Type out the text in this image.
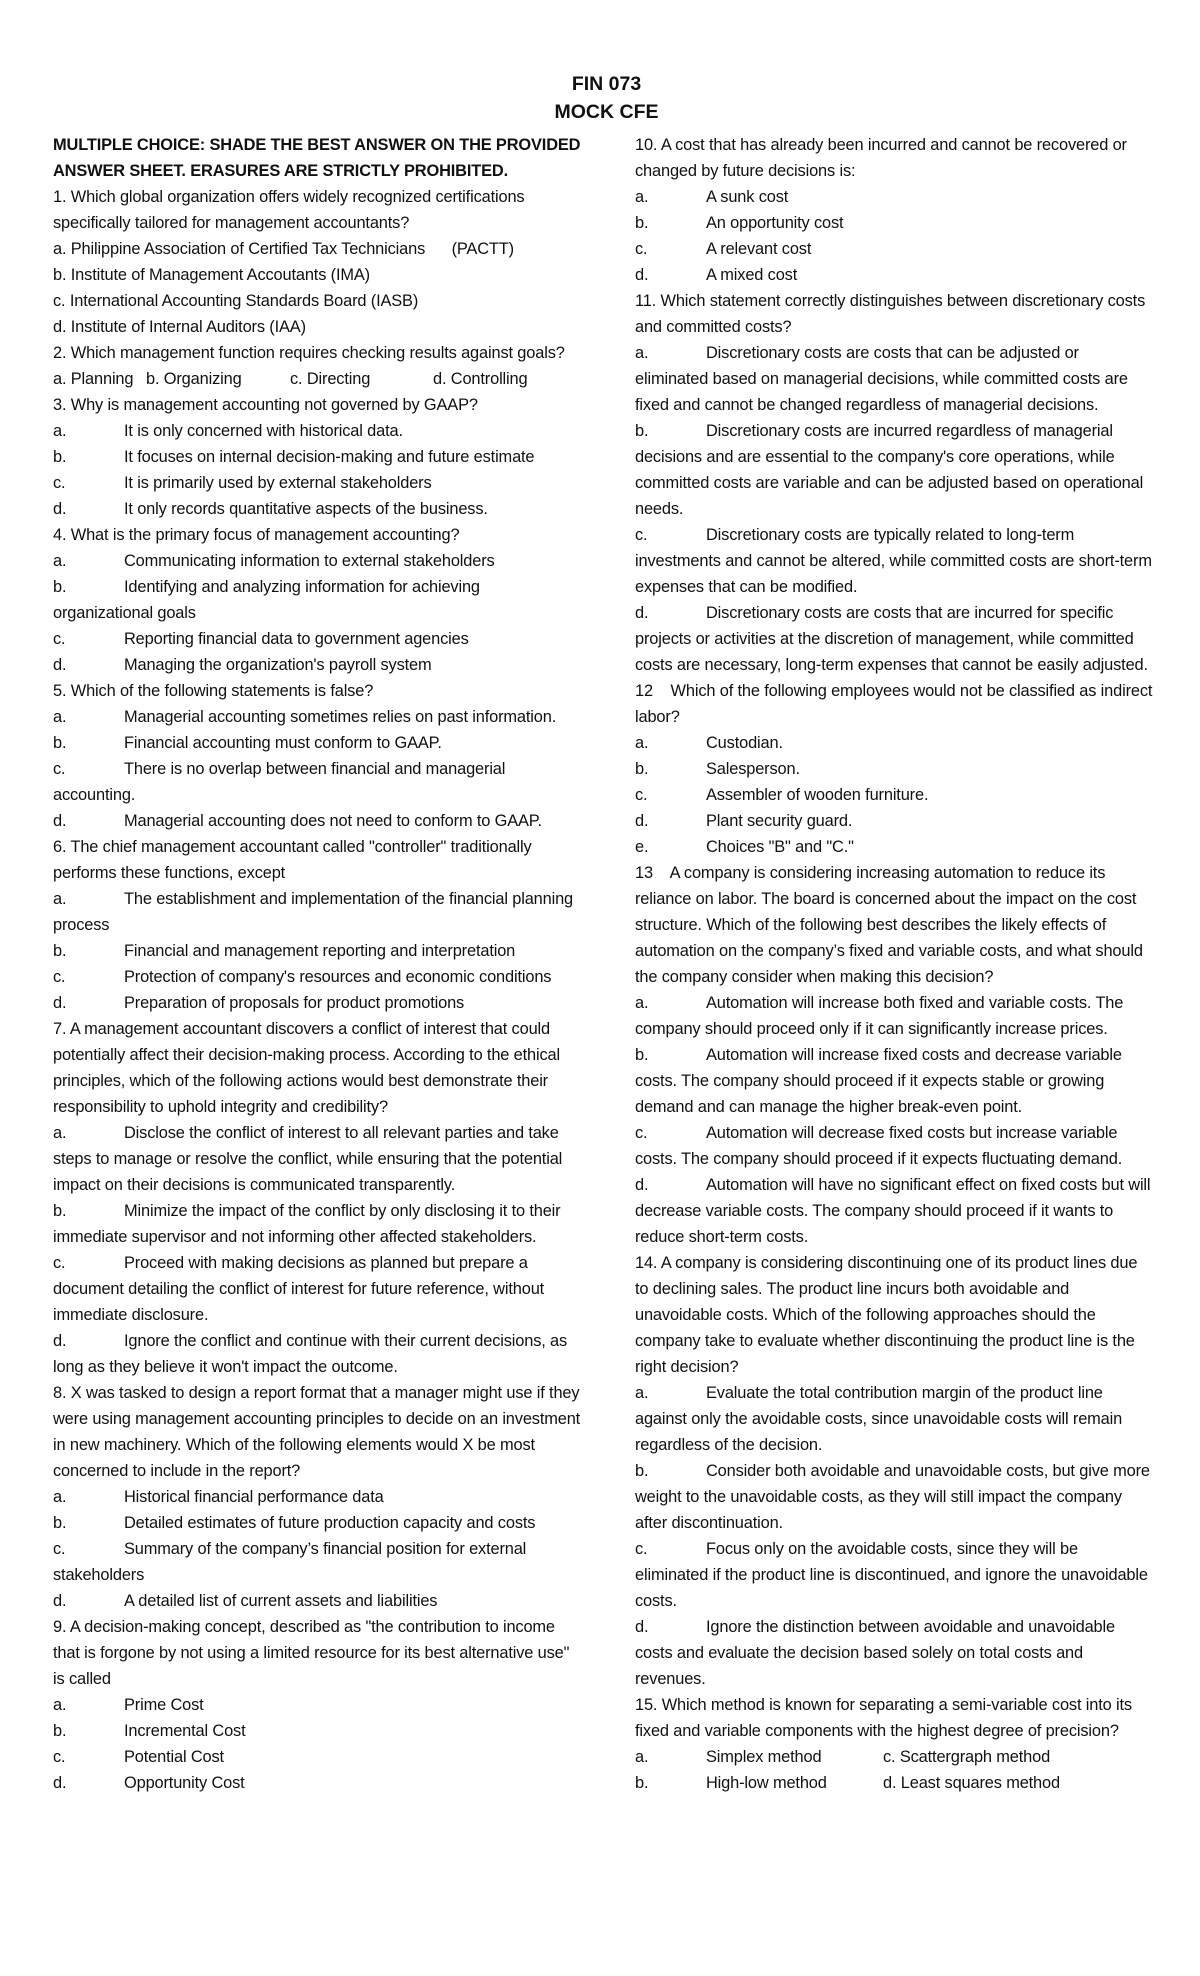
FIN 073
MOCK CFE

MULTIPLE CHOICE: SHADE THE BEST ANSWER ON THE PROVIDED ANSWER SHEET. ERASURES ARE STRICTLY PROHIBITED.

1. Which global organization offers widely recognized certifications specifically tailored for management accountants?

a. Philippine Association of Certified Tax Technicians      (PACTT)

b. Institute of Management Accoutants (IMA)

c. International Accounting Standards Board (IASB)

d. Institute of Internal Auditors (IAA)

2. Which management function requires checking results against goals?

a. Planning b. Organizing	c. Directing	d. Controlling

3. Why is management accounting not governed by GAAP?

a.	It is only concerned with historical data.

b.	It focuses on internal decision-making and future estimate

c.	It is primarily used by external stakeholders

d.	It only records quantitative aspects of the business.

4. What is the primary focus of management accounting?

a.	Communicating information to external stakeholders

b.	Identifying and analyzing information for achieving organizational goals

c.	Reporting financial data to government agencies

d.	Managing the organization's payroll system

5. Which of the following statements is false?

a.	Managerial accounting sometimes relies on past information.

b.	Financial accounting must conform to GAAP.

c.	There is no overlap between financial and managerial accounting.

d.	Managerial accounting does not need to conform to GAAP.

6. The chief management accountant called "controller" traditionally performs these functions, except

a.	The establishment and implementation of the financial planning process

b.	Financial and management reporting and interpretation

c.	Protection of company's resources and economic conditions

d.	Preparation of proposals for product promotions

7. A management accountant discovers a conflict of interest that could potentially affect their decision-making process. According to the ethical principles, which of the following actions would best demonstrate their responsibility to uphold integrity and credibility?

a.	Disclose the conflict of interest to all relevant parties and take steps to manage or resolve the conflict, while ensuring that the potential impact on their decisions is communicated transparently.

b.	Minimize the impact of the conflict by only disclosing it to their immediate supervisor and not informing other affected stakeholders.

c.	Proceed with making decisions as planned but prepare a document detailing the conflict of interest for future reference, without immediate disclosure.

d.	Ignore the conflict and continue with their current decisions, as long as they believe it won't impact the outcome.

8. X was tasked to design a report format that a manager might use if they were using management accounting principles to decide on an investment in new machinery. Which of the following elements would X be most concerned to include in the report?

a.	Historical financial performance data

b.	Detailed estimates of future production capacity and costs

c.	Summary of the company’s financial position for external stakeholders

d.	A detailed list of current assets and liabilities

9. A decision-making concept, described as "the contribution to income that is forgone by not using a limited resource for its best alternative use" is called

a.	Prime Cost

b.	Incremental Cost

c.	Potential Cost

d.	Opportunity Cost

10. A cost that has already been incurred and cannot be recovered or changed by future decisions is:

a.	A sunk cost

b.	An opportunity cost

c.	A relevant cost

d.	A mixed cost

11. Which statement correctly distinguishes between discretionary costs and committed costs?

a.	Discretionary costs are costs that can be adjusted or eliminated based on managerial decisions, while committed costs are fixed and cannot be changed regardless of managerial decisions.

b.	Discretionary costs are incurred regardless of managerial decisions and are essential to the company's core operations, while committed costs are variable and can be adjusted based on operational needs.

c.	Discretionary costs are typically related to long-term investments and cannot be altered, while committed costs are short-term expenses that can be modified.

d.	Discretionary costs are costs that are incurred for specific projects or activities at the discretion of management, while committed costs are necessary, long-term expenses that cannot be easily adjusted.

12    Which of the following employees would not be classified as indirect labor?

a.	Custodian.

b.	Salesperson.

c.	Assembler of wooden furniture.

d.	Plant security guard.

e.	Choices "B" and "C."

13    A company is considering increasing automation to reduce its reliance on labor. The board is concerned about the impact on the cost structure. Which of the following best describes the likely effects of automation on the company’s fixed and variable costs, and what should the company consider when making this decision?

a.	Automation will increase both fixed and variable costs. The company should proceed only if it can significantly increase prices.

b.	Automation will increase fixed costs and decrease variable costs. The company should proceed if it expects stable or growing demand and can manage the higher break-even point.

c.	Automation will decrease fixed costs but increase variable costs. The company should proceed if it expects fluctuating demand.

d.	Automation will have no significant effect on fixed costs but will decrease variable costs. The company should proceed if it wants to reduce short-term costs.

14. A company is considering discontinuing one of its product lines due to declining sales. The product line incurs both avoidable and unavoidable costs. Which of the following approaches should the company take to evaluate whether discontinuing the product line is the right decision?

a.	Evaluate the total contribution margin of the product line against only the avoidable costs, since unavoidable costs will remain regardless of the decision.

b.	Consider both avoidable and unavoidable costs, but give more weight to the unavoidable costs, as they will still impact the company after discontinuation.

c.	Focus only on the avoidable costs, since they will be eliminated if the product line is discontinued, and ignore the unavoidable costs.

d.	Ignore the distinction between avoidable and unavoidable costs and evaluate the decision based solely on total costs and revenues.

15. Which method is known for separating a semi-variable cost into its fixed and variable components with the highest degree of precision?

a.	Simplex method	c. Scattergraph method

b.	High-low method	d. Least squares method
